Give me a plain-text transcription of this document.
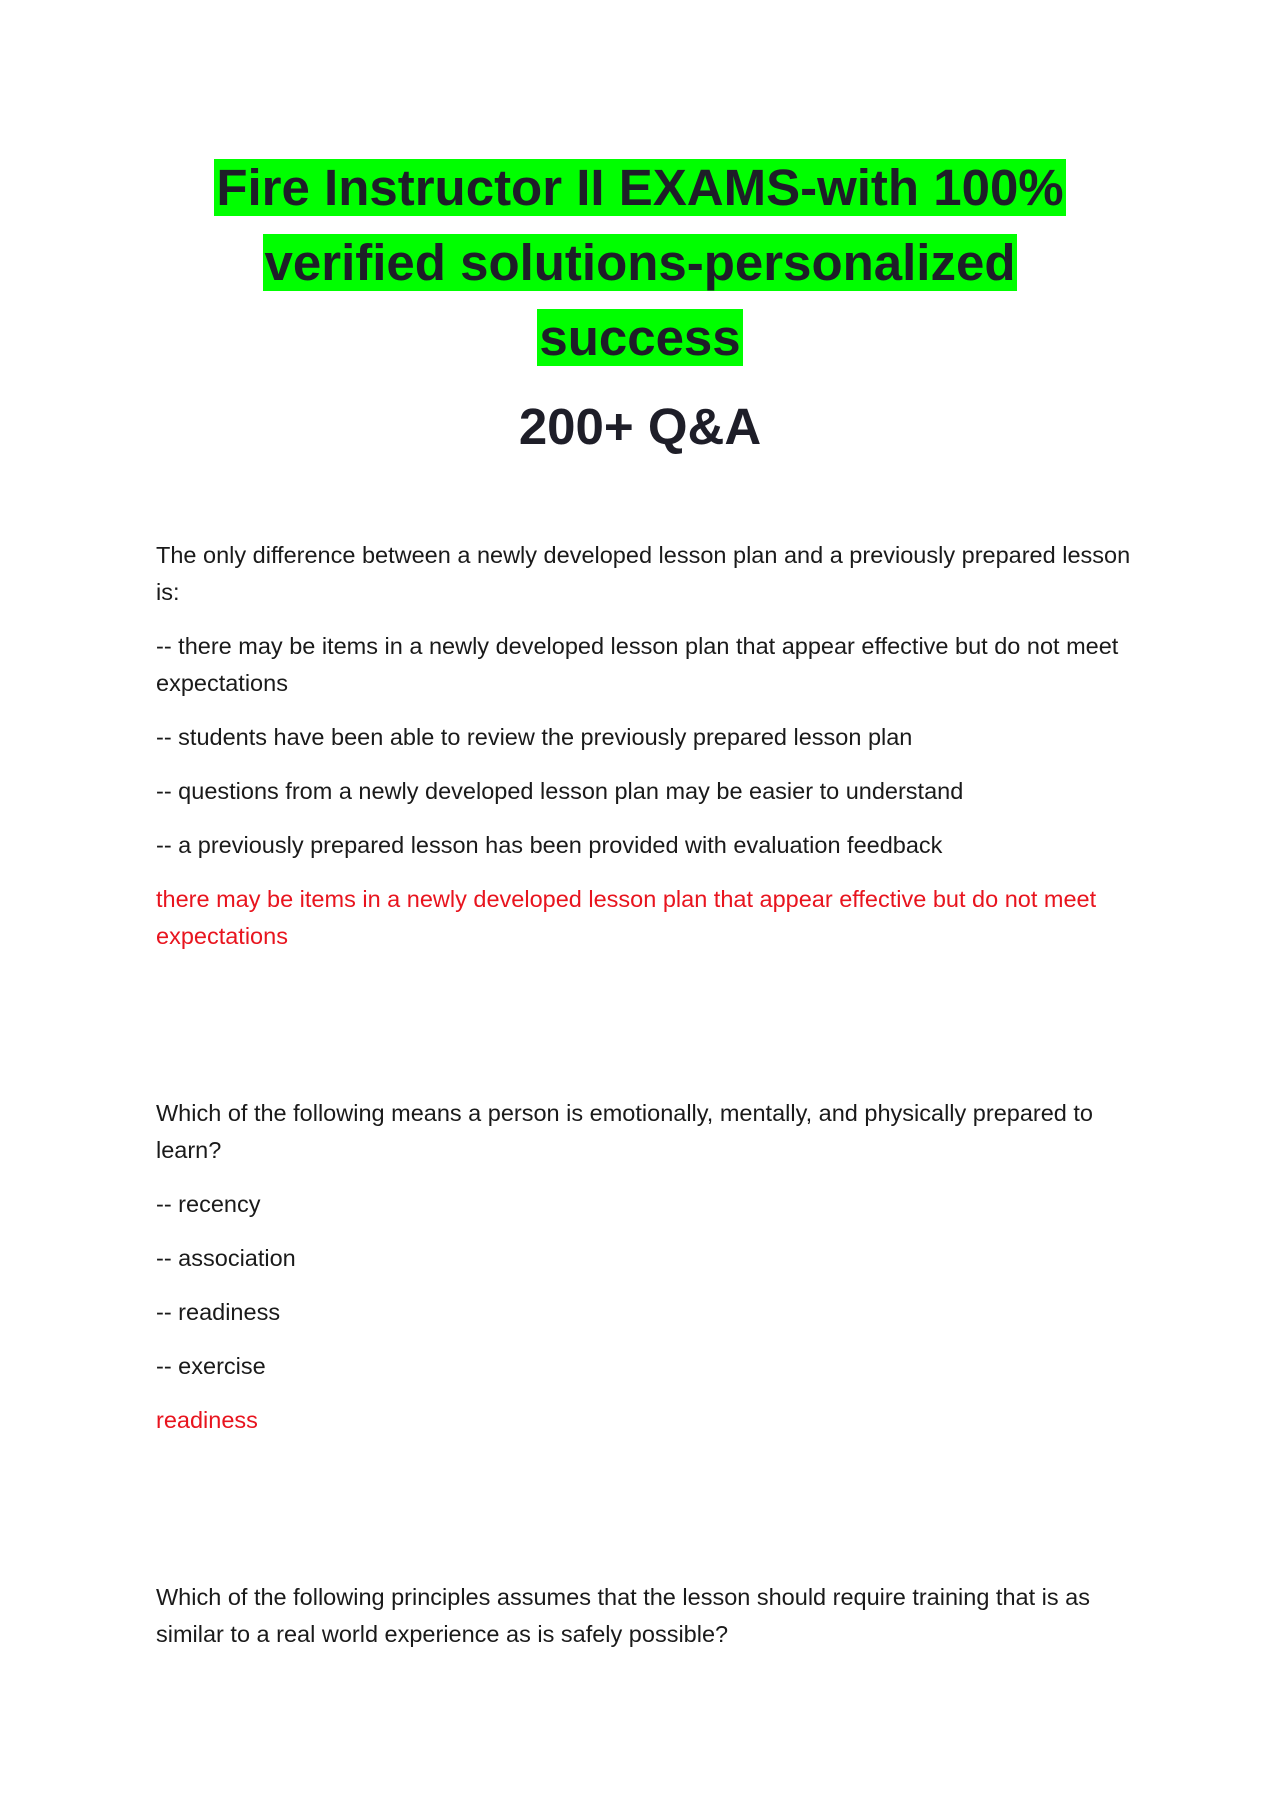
Fire Instructor II EXAMS-with 100%
verified solutions-personalized
success
200+ Q&A

The only difference between a newly developed lesson plan and a previously prepared lesson is:

-- there may be items in a newly developed lesson plan that appear effective but do not meet expectations

-- students have been able to review the previously prepared lesson plan

-- questions from a newly developed lesson plan may be easier to understand

-- a previously prepared lesson has been provided with evaluation feedback

there may be items in a newly developed lesson plan that appear effective but do not meet expectations

Which of the following means a person is emotionally, mentally, and physically prepared to learn?

-- recency

-- association

-- readiness

-- exercise

readiness

Which of the following principles assumes that the lesson should require training that is as similar to a real world experience as is safely possible?
